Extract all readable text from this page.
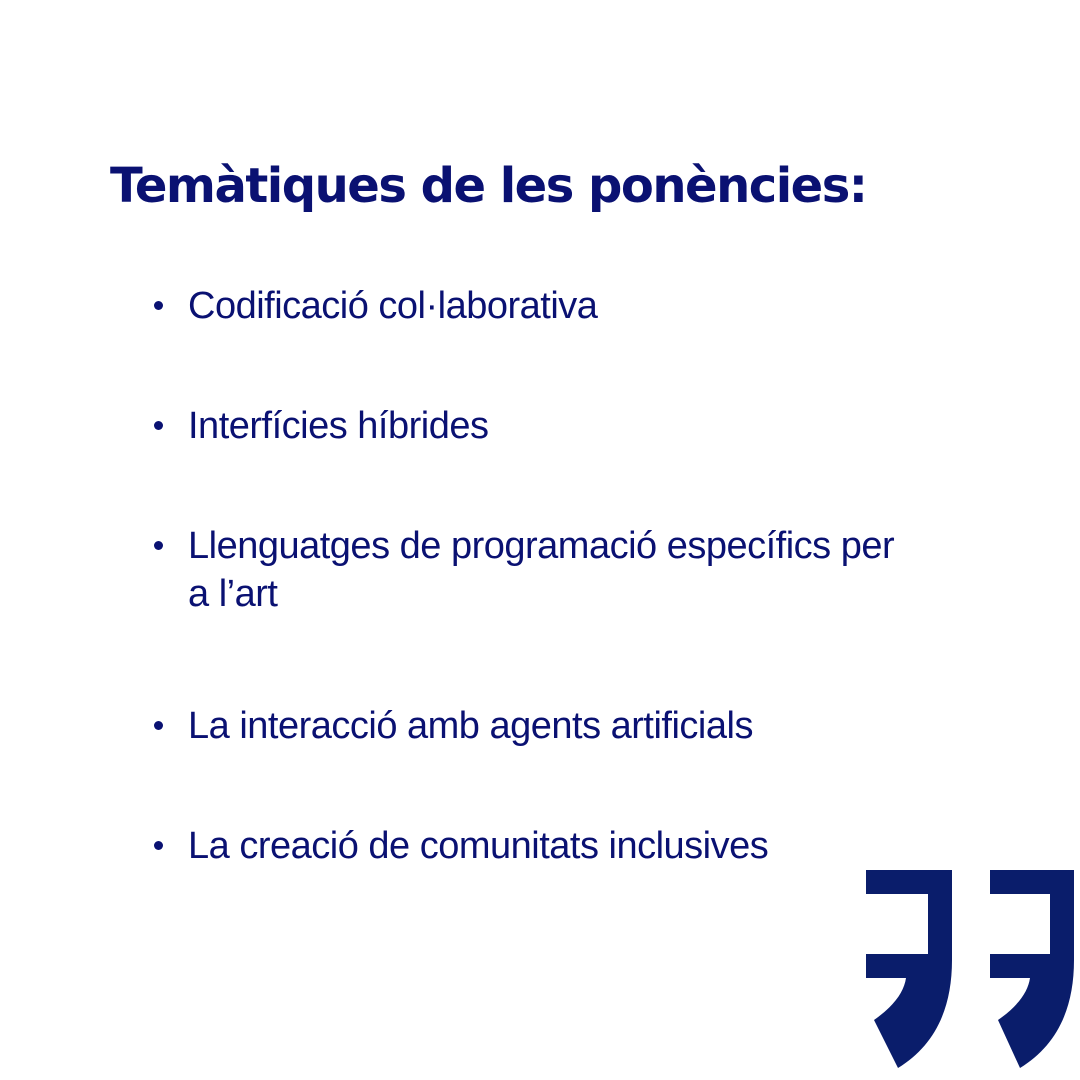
Temàtiques de les ponències:
Codificació col·laborativa
Interfícies híbrides
Llenguatges de programació específics per a l’art
La interacció amb agents artificials
La creació de comunitats inclusives
